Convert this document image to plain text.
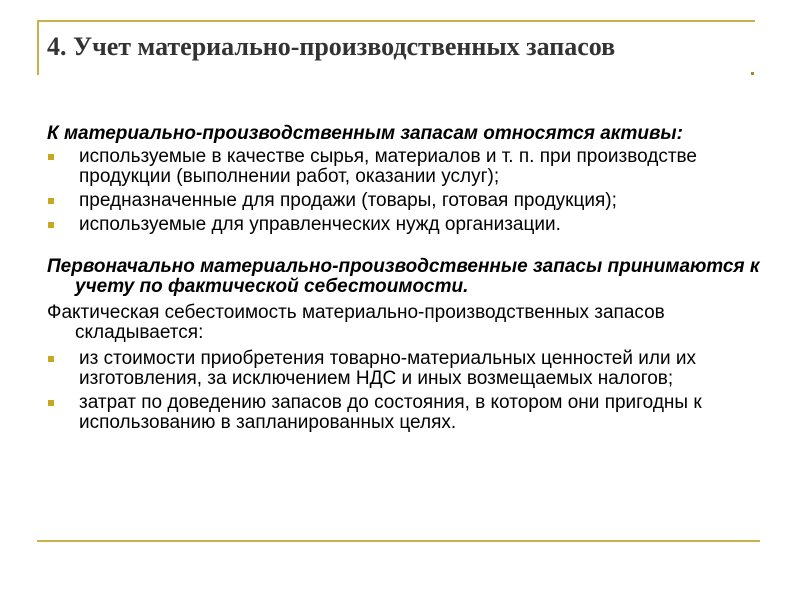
4. Учет материально-производственных запасов

К материально-производственным запасам относятся активы:

используемые в качестве сырья, материалов и т. п. при производстве продукции (выполнении работ, оказании услуг);
предназначенные для продажи (товары, готовая продукция);
используемые для управленческих нужд организации.

Первоначально материально-производственные запасы принимаются к учету по фактической себестоимости.

Фактическая себестоимость материально-производственных запасов складывается:

из стоимости приобретения товарно-материальных ценностей или их изготовления, за исключением НДС и иных возмещаемых налогов;
затрат по доведению запасов до состояния, в котором они пригодны к использованию в запланированных целях.
